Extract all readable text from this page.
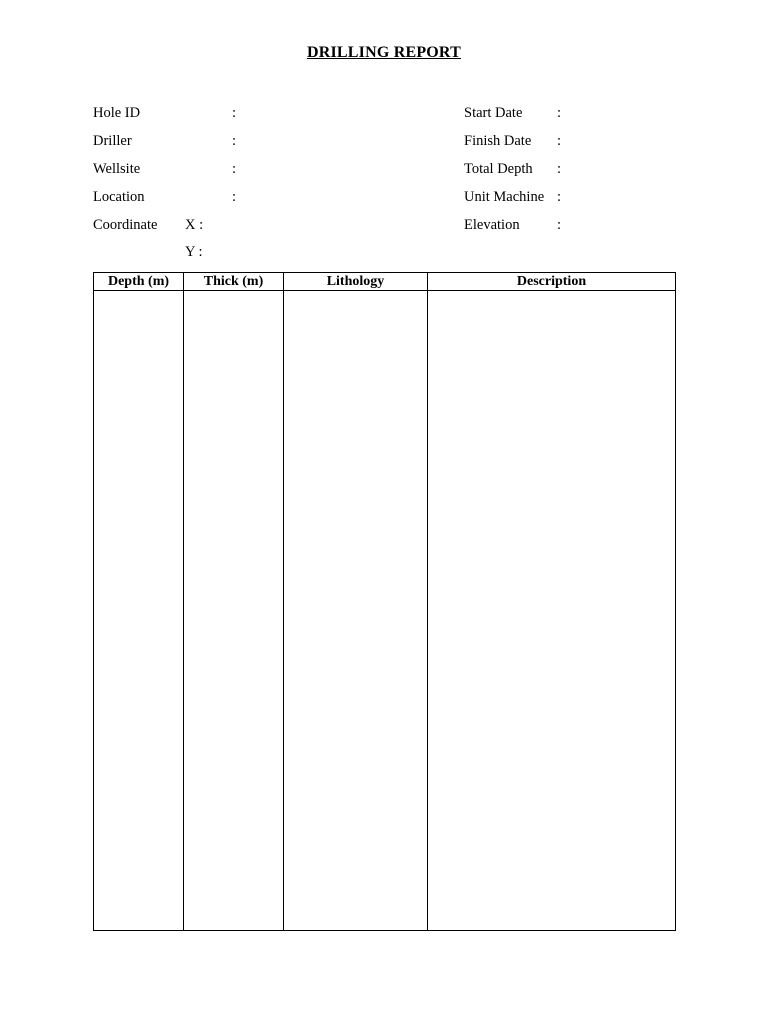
DRILLING REPORT
Hole ID	:
Driller	:
Wellsite	:
Location	:
Coordinate X :
Y :
Start Date :
Finish Date :
Total Depth :
Unit Machine :
Elevation	:
Depth (m)	Thick (m)	Lithology	Description
